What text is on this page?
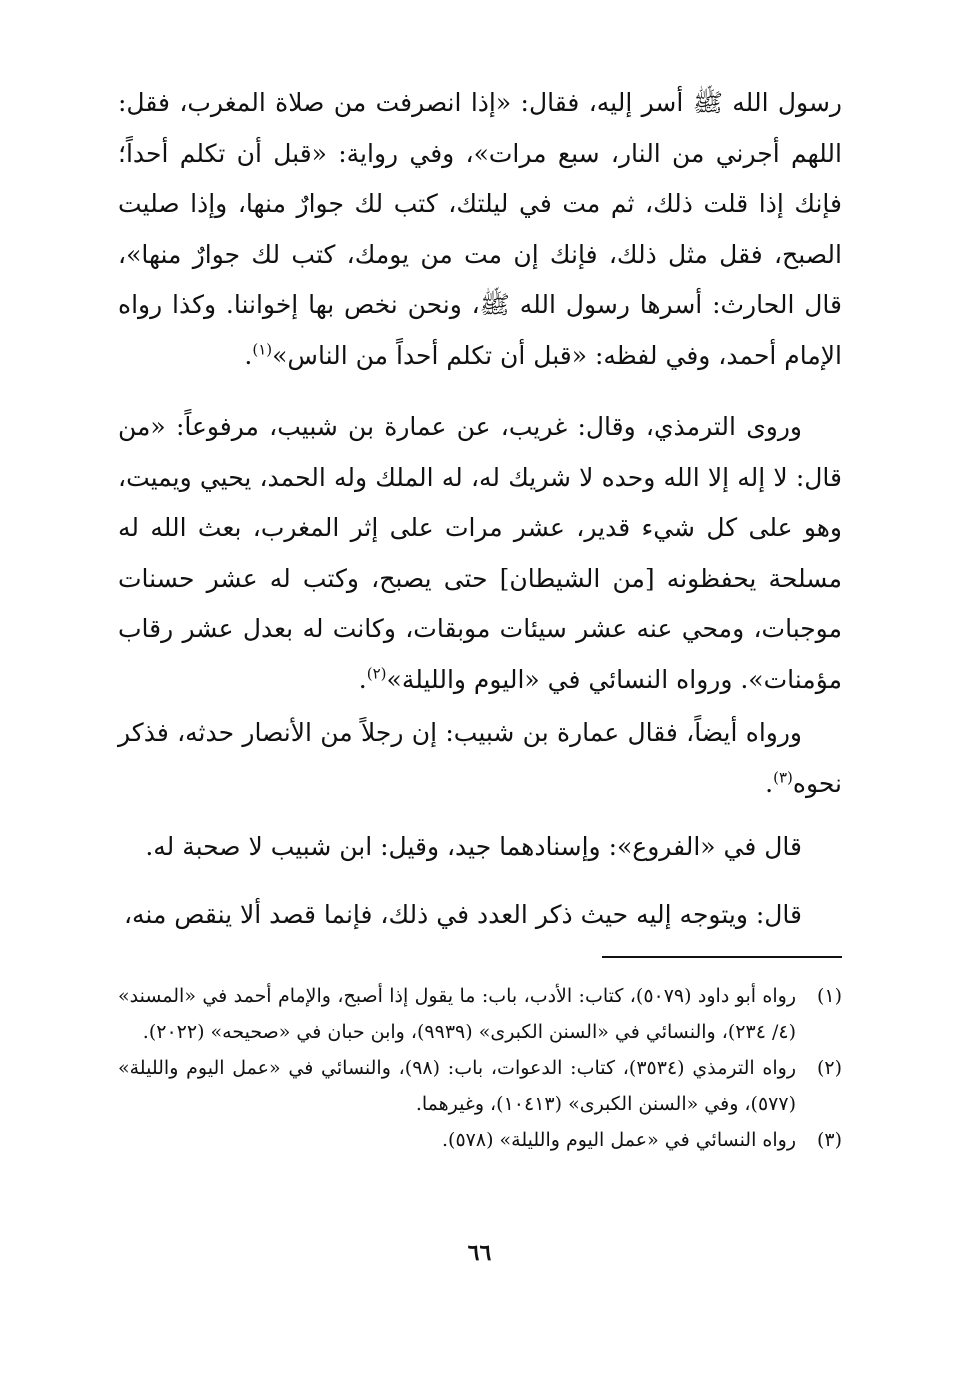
رسول الله ﷺ أسر إليه، فقال: «إذا انصرفت من صلاة المغرب، فقل: اللهم أجرني من النار، سبع مرات»، وفي رواية: «قبل أن تكلم أحداً؛ فإنك إذا قلت ذلك، ثم مت في ليلتك، كتب لك جوارٌ منها، وإذا صليت الصبح، فقل مثل ذلك، فإنك إن مت من يومك، كتب لك جوارٌ منها»، قال الحارث: أسرها رسول الله ﷺ، ونحن نخص بها إخواننا. وكذا رواه الإمام أحمد، وفي لفظه: «قبل أن تكلم أحداً من الناس»$^{(١)}$.

وروى الترمذي، وقال: غريب، عن عمارة بن شبيب، مرفوعاً: «من قال: لا إله إلا الله وحده لا شريك له، له الملك وله الحمد، يحيي ويميت، وهو على كل شيء قدير، عشر مرات على إثر المغرب، بعث الله له مسلحة يحفظونه [من الشيطان] حتى يصبح، وكتب له عشر حسنات موجبات، ومحي عنه عشر سيئات موبقات، وكانت له بعدل عشر رقاب مؤمنات». ورواه النسائي في «اليوم والليلة»$^{(٢)}$.

ورواه أيضاً، فقال عمارة بن شبيب: إن رجلاً من الأنصار حدثه، فذكر نحوه$^{(٣)}$.

قال في «الفروع»: وإسنادهما جيد، وقيل: ابن شبيب لا صحبة له.

قال: ويتوجه إليه حيث ذكر العدد في ذلك، فإنما قصد ألا ينقص منه،

(١)
رواه أبو داود (٥٠٧٩)، كتاب: الأدب، باب: ما يقول إذا أصبح، والإمام أحمد في «المسند» (٤/ ٢٣٤)، والنسائي في «السنن الكبرى» (٩٩٣٩)، وابن حبان في «صحيحه» (٢٠٢٢).
(٢)
رواه الترمذي (٣٥٣٤)، كتاب: الدعوات، باب: (٩٨)، والنسائي في «عمل اليوم والليلة» (٥٧٧)، وفي «السنن الكبرى» (١٠٤١٣)، وغيرهما.
(٣)
رواه النسائي في «عمل اليوم والليلة» (٥٧٨).
٦٦
